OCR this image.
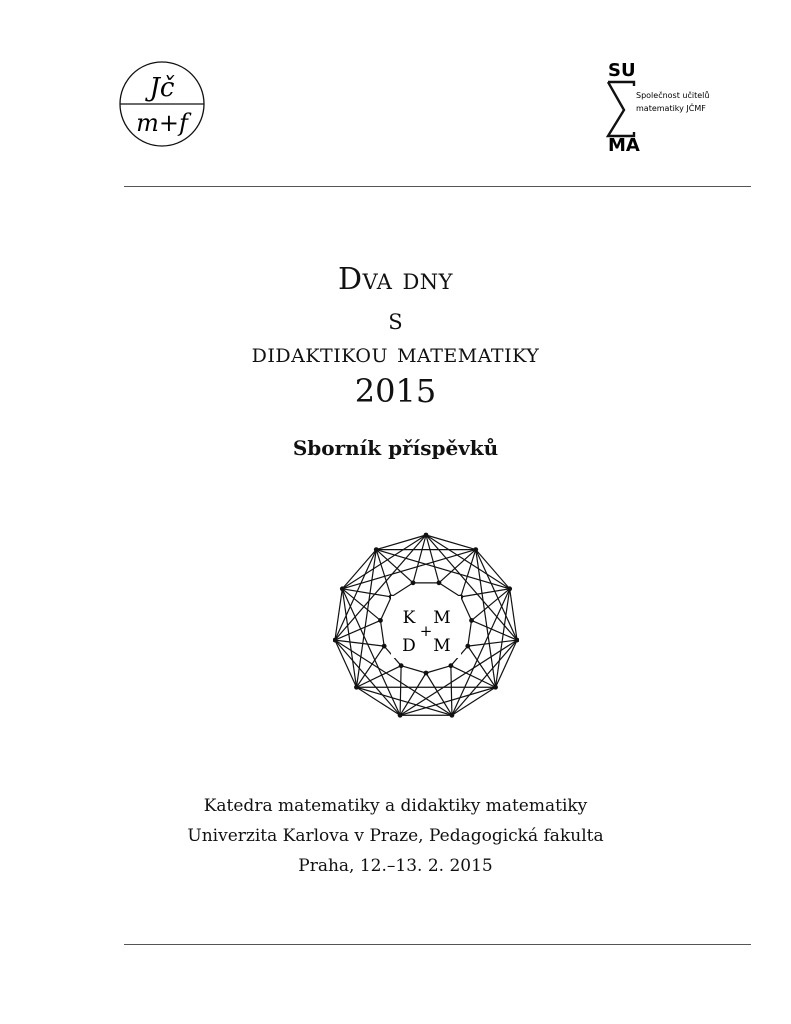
Jč
m+f
SU
Společnost učitelů
matematiky JČMF
MA
Dva dny
s
didaktikou matematiky
2015
Sborník příspěvků
K M
+
D M
Katedra matematiky a didaktiky matematiky
Univerzita Karlova v Praze, Pedagogická fakulta
Praha, 12.–13. 2. 2015
